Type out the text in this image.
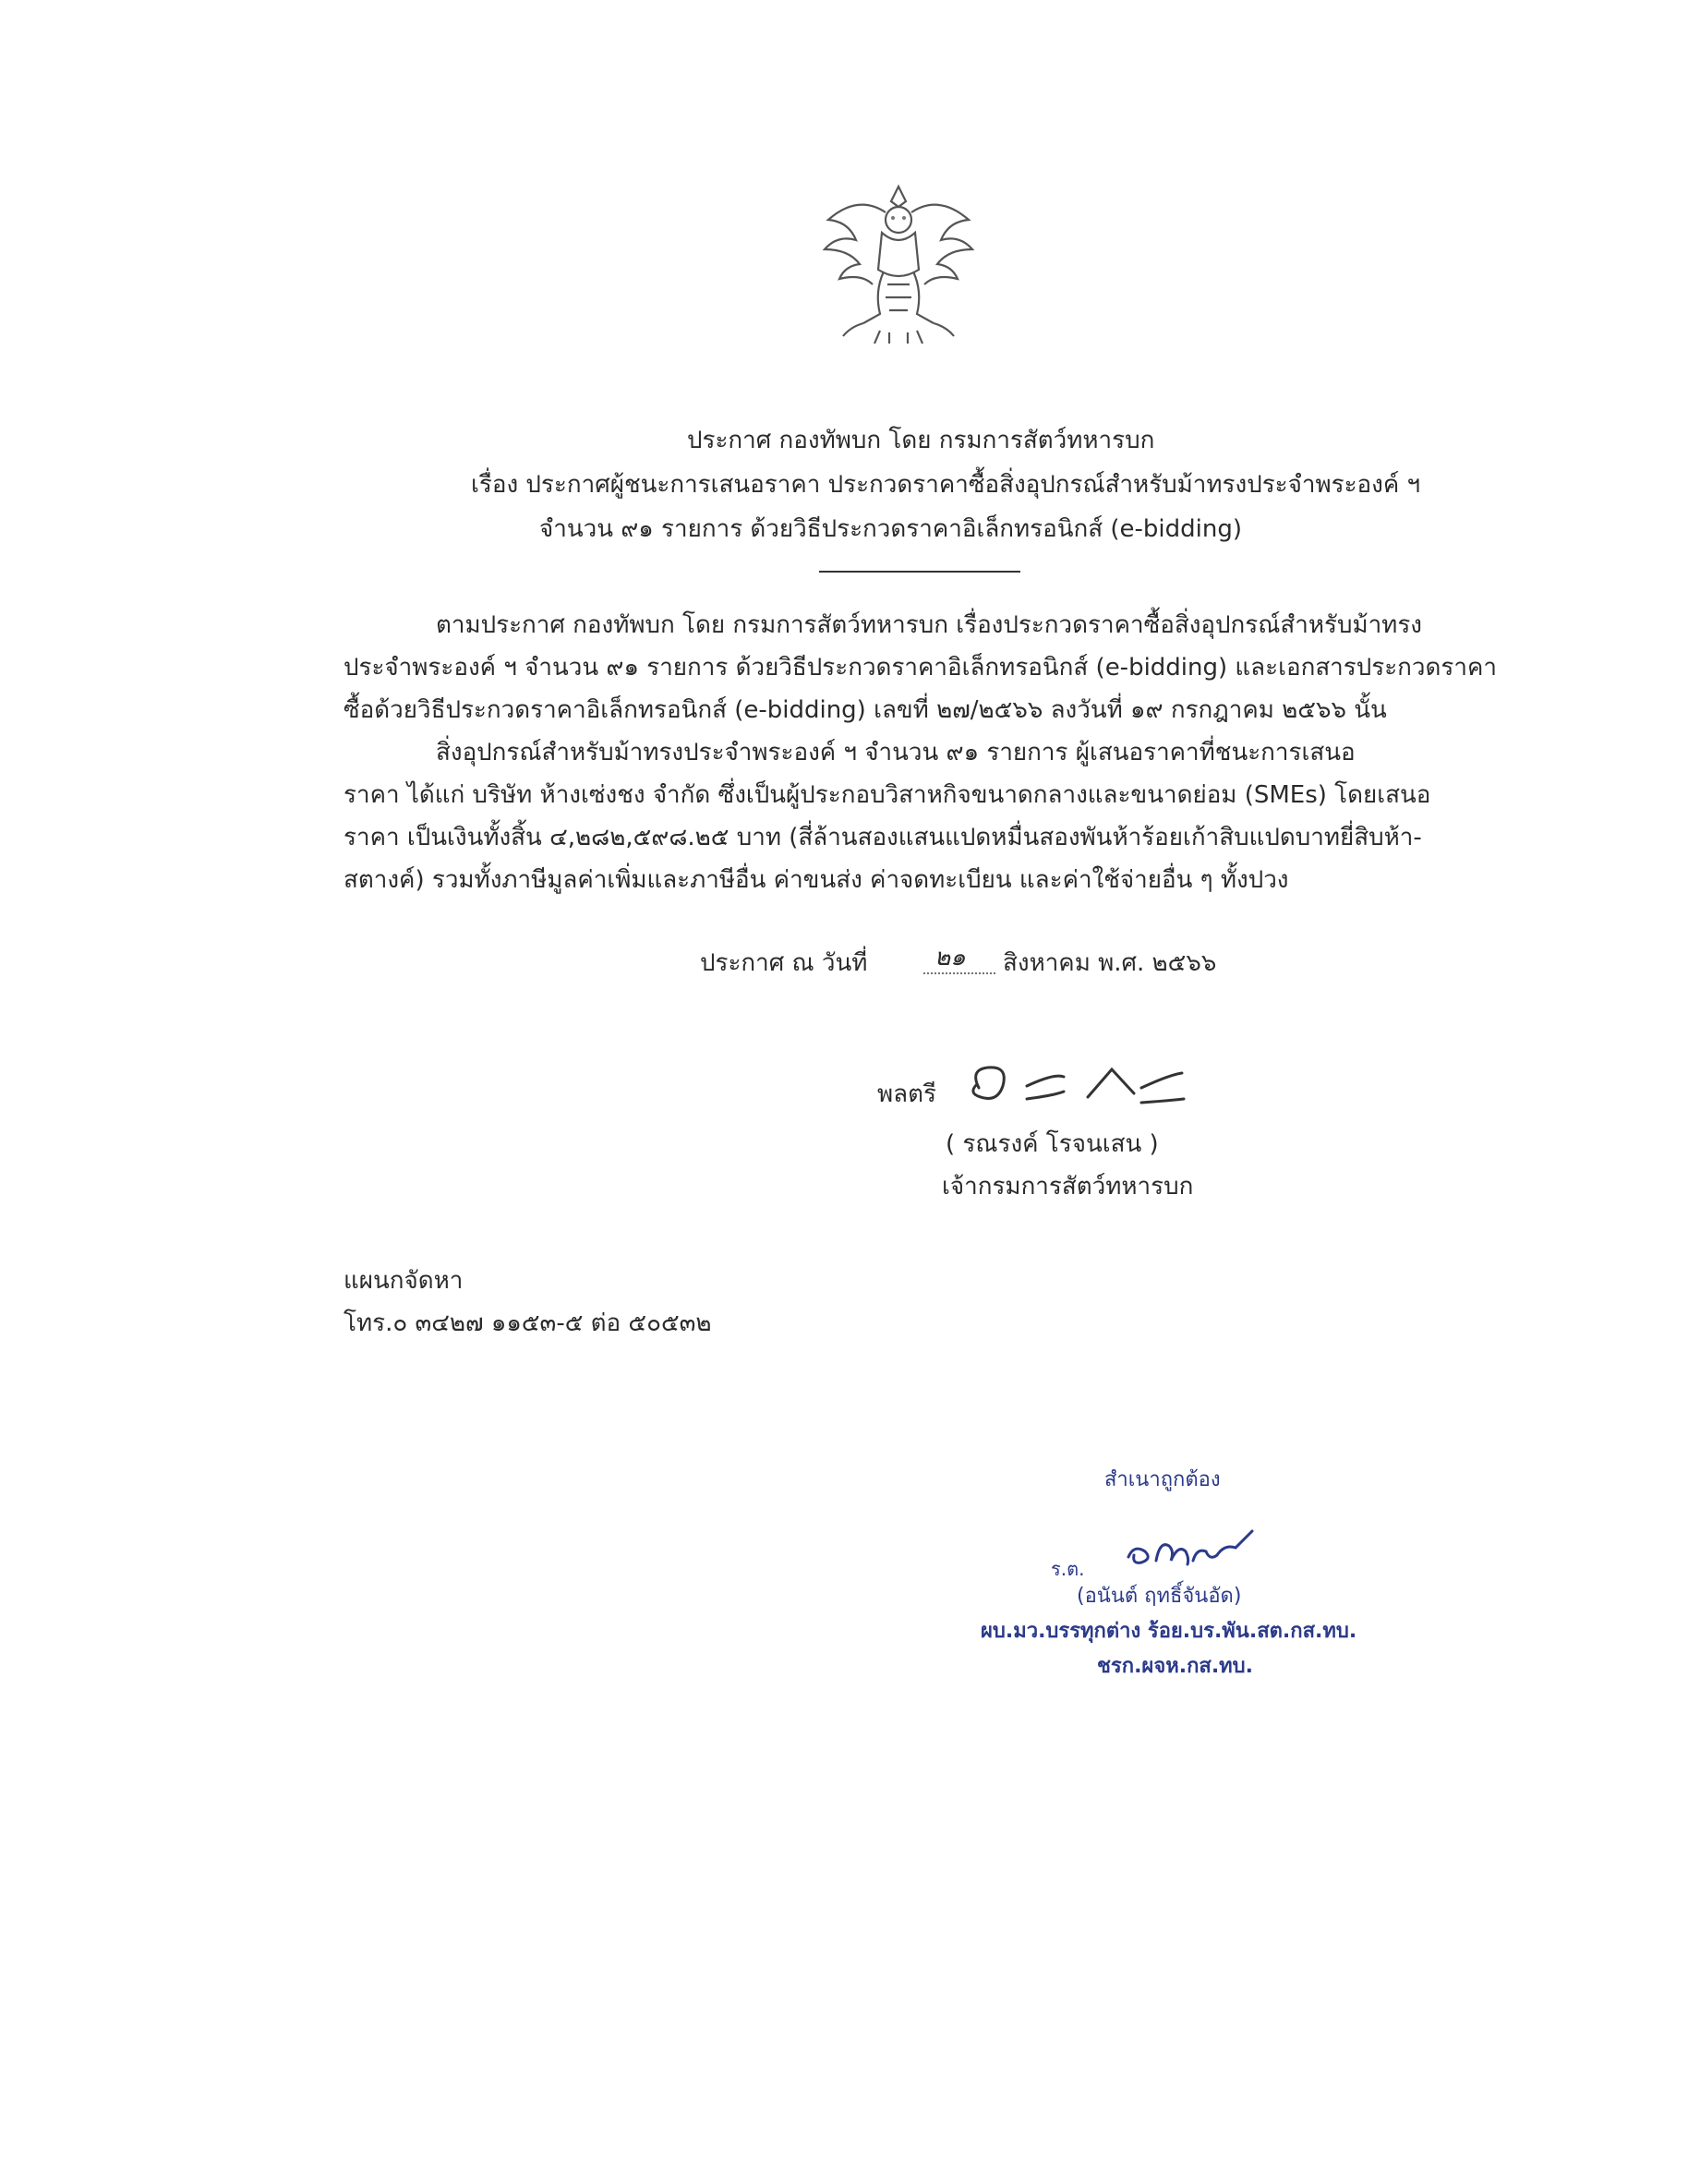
ประกาศ กองทัพบก โดย กรมการสัตว์ทหารบก
เรื่อง ประกาศผู้ชนะการเสนอราคา ประกวดราคาซื้อสิ่งอุปกรณ์สำหรับม้าทรงประจำพระองค์ ฯ
จำนวน ๙๑ รายการ ด้วยวิธีประกวดราคาอิเล็กทรอนิกส์ (e-bidding)
ตามประกาศ กองทัพบก โดย กรมการสัตว์ทหารบก เรื่องประกวดราคาซื้อสิ่งอุปกรณ์สำหรับม้าทรง
ประจำพระองค์ ฯ จำนวน ๙๑ รายการ ด้วยวิธีประกวดราคาอิเล็กทรอนิกส์ (e-bidding) และเอกสารประกวดราคา
ซื้อด้วยวิธีประกวดราคาอิเล็กทรอนิกส์ (e-bidding) เลขที่ ๒๗/๒๕๖๖ ลงวันที่ ๑๙ กรกฎาคม ๒๕๖๖ นั้น
สิ่งอุปกรณ์สำหรับม้าทรงประจำพระองค์ ฯ จำนวน ๙๑ รายการ ผู้เสนอราคาที่ชนะการเสนอ
ราคา ได้แก่ บริษัท ห้างเซ่งชง จำกัด ซึ่งเป็นผู้ประกอบวิสาหกิจขนาดกลางและขนาดย่อม (SMEs) โดยเสนอ
ราคา เป็นเงินทั้งสิ้น ๔,๒๘๒,๕๙๘.๒๕ บาท (สี่ล้านสองแสนแปดหมื่นสองพันห้าร้อยเก้าสิบแปดบาทยี่สิบห้า-
สตางค์) รวมทั้งภาษีมูลค่าเพิ่มและภาษีอื่น ค่าขนส่ง ค่าจดทะเบียน และค่าใช้จ่ายอื่น ๆ ทั้งปวง
ประกาศ ณ วันที่	๒๑ สิงหาคม พ.ศ. ๒๕๖๖
พลตรี
( รณรงค์ โรจนเสน )
เจ้ากรมการสัตว์ทหารบก
แผนกจัดหา
โทร.๐ ๓๔๒๗ ๑๑๕๓-๕ ต่อ ๕๐๕๓๒
สำเนาถูกต้อง
ร.ต.
(อนันต์ ฤทธิ์จันอัด)
ผบ.มว.บรรทุกต่าง ร้อย.บร.พัน.สต.กส.ทบ.
ชรก.ผจห.กส.ทบ.
